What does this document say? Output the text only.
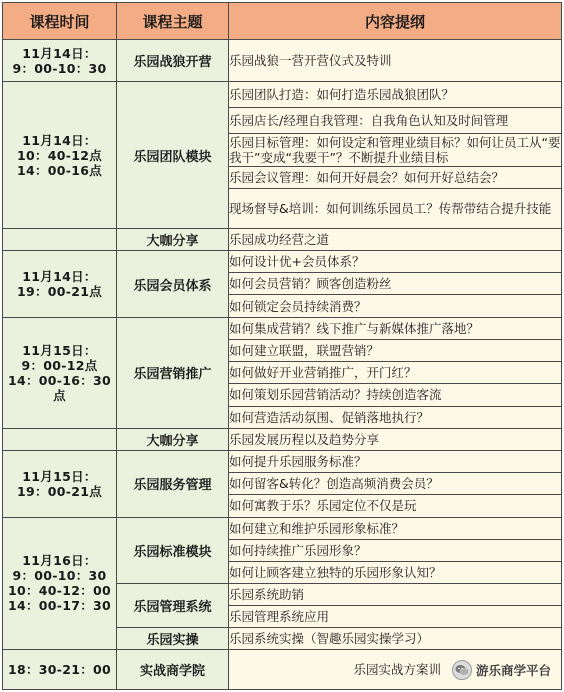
课程时间	课程主题	内容提纲
11月14日：
9：00-10：30	乐园战狼开营	乐园战狼一营开营仪式及特训
11月14日：
10：40-12点
14：00-16点	乐园团队模块	乐园团队打造：如何打造乐园战狼团队？
		乐园店长/经理自我管理：自我角色认知及时间管理
		乐园目标管理：如何设定和管理业绩目标？如何让员工从“要我干”变成“我要干”？不断提升业绩目标
		乐园会议管理：如何开好晨会？如何开好总结会？
		现场督导&培训：如何训练乐园员工？传帮带结合提升技能
	大咖分享	乐园成功经营之道
11月14日：
19：00-21点	乐园会员体系	如何设计优+会员体系？
		如何会员营销？顾客创造粉丝
		如何锁定会员持续消费？
11月15日：
9：00-12点
14：00-16：30
点	乐园营销推广	如何集成营销？线下推广与新媒体推广落地？
		如何建立联盟，联盟营销？
		如何做好开业营销推广，开门红？
		如何策划乐园营销活动？持续创造客流
		如何营造活动氛围、促销落地执行？
	大咖分享	乐园发展历程以及趋势分享
11月15日：
19：00-21点	乐园服务管理	如何提升乐园服务标准？
		如何留客&转化？创造高频消费会员？
		如何寓教于乐？乐园定位不仅是玩
11月16日：
9：00-10：30
10：40-12：00
14：00-17：30	乐园标准模块	如何建立和维护乐园形象标准？
		如何持续推广乐园形象？
		如何让顾客建立独特的乐园形象认知？
	乐园管理系统	乐园系统助销
		乐园管理系统应用
	乐园实操	乐园系统实操（智趣乐园实操学习）
18：30-21：00	实战商学院	乐园实战方案训	游乐商学平台
